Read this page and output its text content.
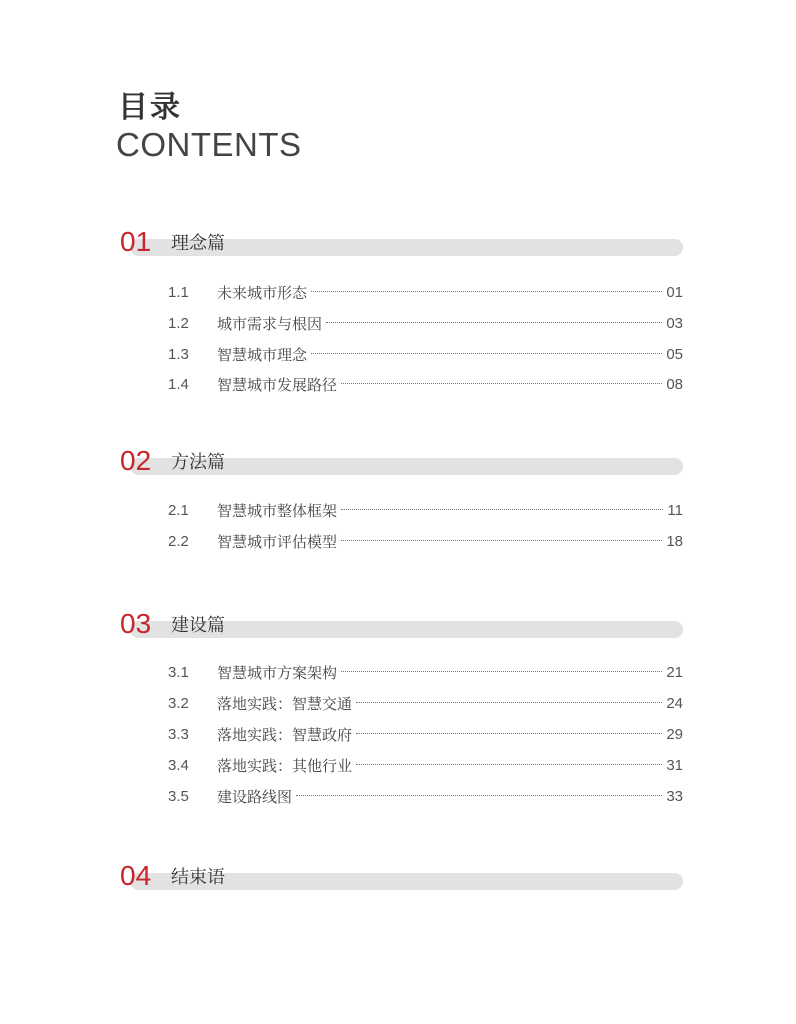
目录
CONTENTS
01 理念篇
1.1	未来城市形态	01
1.2	城市需求与根因	03
1.3	智慧城市理念	05
1.4	智慧城市发展路径	08
02 方法篇
2.1	智慧城市整体框架	11
2.2	智慧城市评估模型	18
03 建设篇
3.1	智慧城市方案架构	21
3.2	落地实践：智慧交通	24
3.3	落地实践：智慧政府	29
3.4	落地实践：其他行业	31
3.5	建设路线图	33
04 结束语
